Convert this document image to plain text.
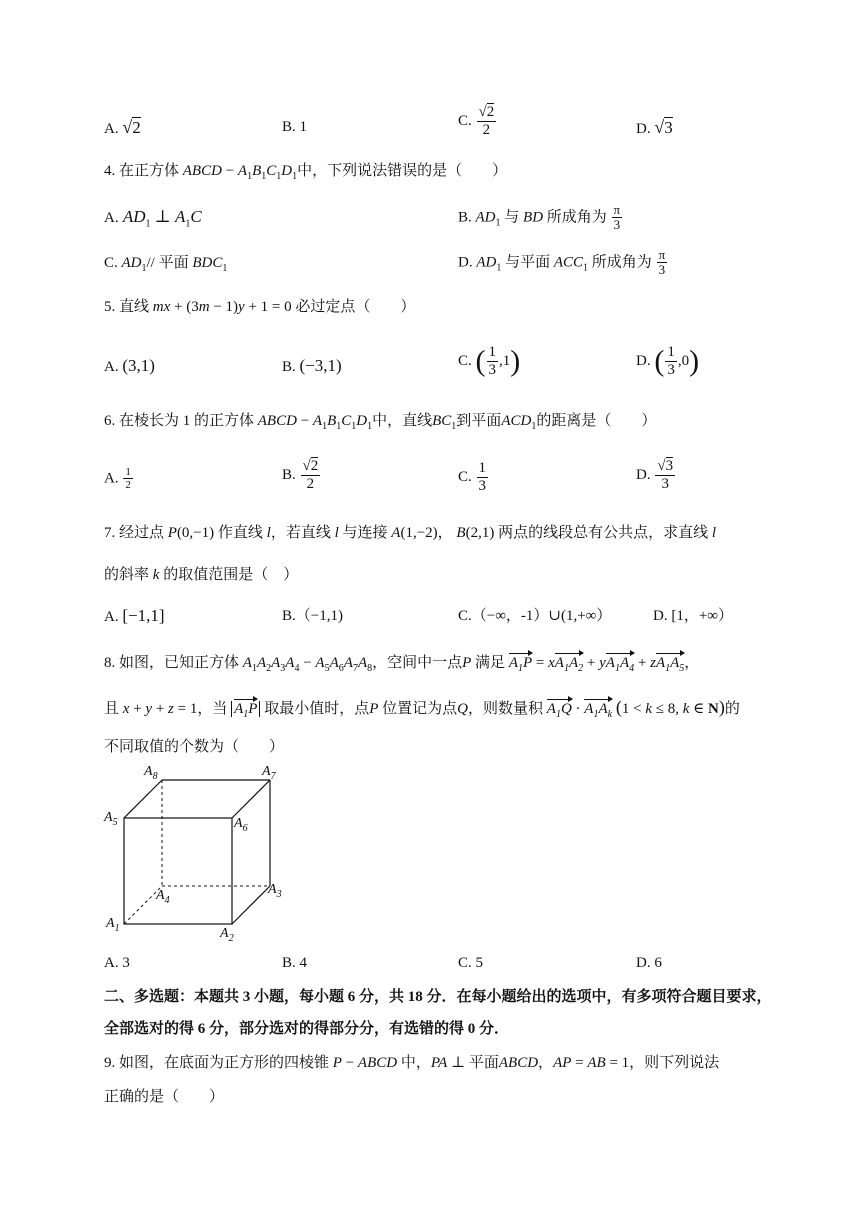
A. √2	B. 1	C. $\frac{√2}{2}$	D. √3
4. 在正方体 ABCD − $A_1B_1C_1D_1$中，下列说法错误的是（　　）
A. $AD_1$ ⊥ $A_1C$	B. $AD_1$ 与 BD 所成角为 $\frac{\pi}{3}$
C. $AD_1//$ 平面 $BDC_1$	D. $AD_1$ 与平面 $ACC_1$ 所成角为 $\frac{\pi}{3}$
5. 直线 mx + (3m − 1)y + 1 = 0 必过定点（　　）
A. (3,1)	B. (−3,1)	C. ( $\frac{1}{3} ,1$)	D. ( $\frac{1}{3} ,0$)
6. 在棱长为 1 的正方体 ABCD − $A_1B_1C_1D_1$中，直线$BC_1$到平面$ACD_1$的距离是（　　）
A. $\frac{1}{2}$	B. $\frac{√2}{2}$	C. $\frac{1}{3}$	D. $\frac{√3}{3}$
7. 经过点 P(0,−1) 作直线 l，若直线 l 与连接 A(1,−2)， B(2,1) 两点的线段总有公共点，求直线 l
的斜率 k 的取值范围是（　）
A. [−1,1]	B.（−1,1)	C.（−∞，-1）∪(1,+∞）	D. [1，+∞）
8. 如图，已知正方体 $A_1A_2A_3A_4 - A_5A_6A_7A_8$，空间中一点P 满足 $A_1P = xA_1A_2 + yA_1A_4 + zA_1A_5$，
且 x + y + z = 1，当 $A_1P$ 取最小值时，点P 位置记为点Q，则数量积 $A_1Q \cdot A_1A_k$ (1 < k ≤ 8, k ∈ N)的
不同取值的个数为（　　）
$A_8$	$A_7$
$A_5$	$A_6$
$A_4$
$A_3$
$A_1$	$A_2$
A. 3	B. 4	C. 5	D. 6
二、多选题：本题共 3 小题，每小题 6 分，共 18 分．在每小题给出的选项中，有多项符合题目要求，
全部选对的得 6 分，部分选对的得部分分，有选错的得 0 分．
9. 如图，在底面为正方形的四棱锥 P − ABCD 中，PA ⊥ 平面ABCD，AP = AB = 1，则下列说法
正确的是（　　）
